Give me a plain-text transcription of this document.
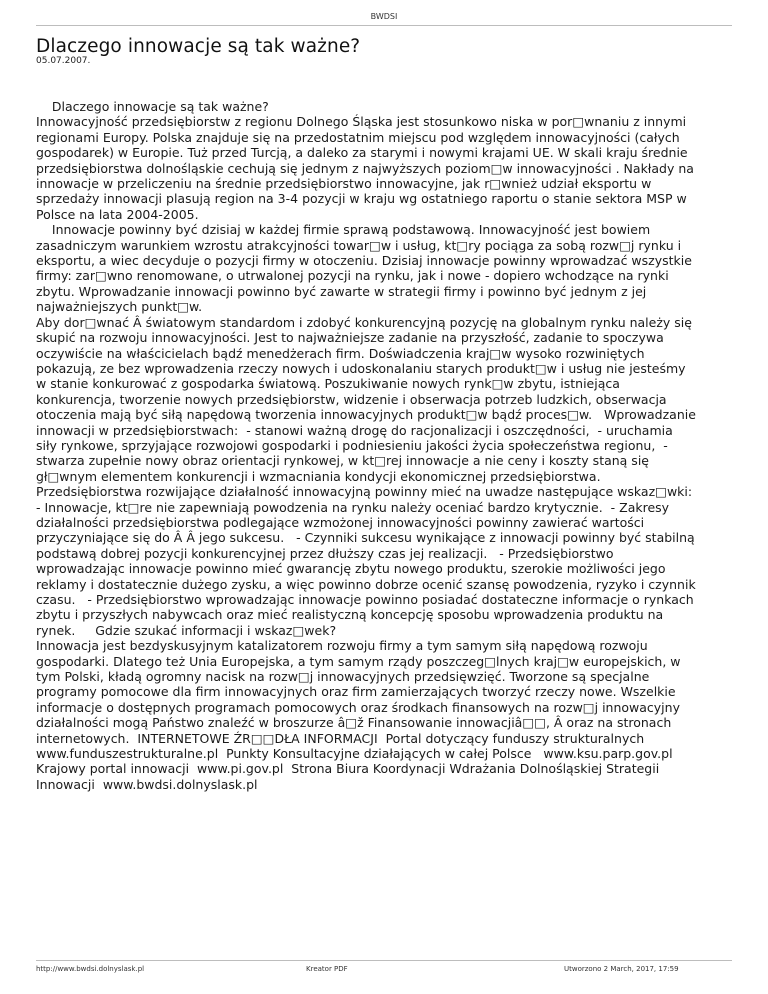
BWDSI
Dlaczego innowacje są tak ważne?
05.07.2007.
Dlaczego innowacje są tak ważne?
Innowacyjność przedsiębiorstw z regionu Dolnego Śląska jest stosunkowo niska w por□wnaniu z innymi
regionami Europy. Polska znajduje się na przedostatnim miejscu pod względem innowacyjności (całych
gospodarek) w Europie. Tuż przed Turcją, a daleko za starymi i nowymi krajami UE. W skali kraju średnie
przedsiębiorstwa dolnośląskie cechują się jednym z najwyższych poziom□w innowacyjności . Nakłady na
innowacje w przeliczeniu na średnie przedsiębiorstwo innowacyjne, jak r□wnież udział eksportu w
sprzedaży innowacji plasują region na 3-4 pozycji w kraju wg ostatniego raportu o stanie sektora MSP w
Polsce na lata 2004-2005.
Innowacje powinny być dzisiaj w każdej firmie sprawą podstawową. Innowacyjność jest bowiem
zasadniczym warunkiem wzrostu atrakcyjności towar□w i usług, kt□ry pociąga za sobą rozw□j rynku i
eksportu, a wiec decyduje o pozycji firmy w otoczeniu. Dzisiaj innowacje powinny wprowadzać wszystkie
firmy: zar□wno renomowane, o utrwalonej pozycji na rynku, jak i nowe - dopiero wchodzące na rynki
zbytu. Wprowadzanie innowacji powinno być zawarte w strategii firmy i powinno być jednym z jej
najważniejszych punkt□w.
Aby dor□wnać Â światowym standardom i zdobyć konkurencyjną pozycję na globalnym rynku należy się
skupić na rozwoju innowacyjności. Jest to najważniejsze zadanie na przyszłość, zadanie to spoczywa
oczywiście na właścicielach bądź menedżerach firm. Doświadczenia kraj□w wysoko rozwiniętych
pokazują, ze bez wprowadzenia rzeczy nowych i udoskonalaniu starych produkt□w i usług nie jesteśmy
w stanie konkurować z gospodarka światową. Poszukiwanie nowych rynk□w zbytu, istniejąca
konkurencja, tworzenie nowych przedsiębiorstw, widzenie i obserwacja potrzeb ludzkich, obserwacja
otoczenia mają być siłą napędową tworzenia innowacyjnych produkt□w bądź proces□w.   Wprowadzanie
innowacji w przedsiębiorstwach:  - stanowi ważną drogę do racjonalizacji i oszczędności,  - uruchamia
siły rynkowe, sprzyjające rozwojowi gospodarki i podniesieniu jakości życia społeczeństwa regionu,  -
stwarza zupełnie nowy obraz orientacji rynkowej, w kt□rej innowacje a nie ceny i koszty staną się
gł□wnym elementem konkurencji i wzmacniania kondycji ekonomicznej przedsiębiorstwa.
Przedsiębiorstwa rozwijające działalność innowacyjną powinny mieć na uwadze następujące wskaz□wki:
- Innowacje, kt□re nie zapewniają powodzenia na rynku należy oceniać bardzo krytycznie.  - Zakresy
działalności przedsiębiorstwa podlegające wzmożonej innowacyjności powinny zawierać wartości
przyczyniające się do Â Â jego sukcesu.   - Czynniki sukcesu wynikające z innowacji powinny być stabilną
podstawą dobrej pozycji konkurencyjnej przez dłuższy czas jej realizacji.   - Przedsiębiorstwo
wprowadzając innowacje powinno mieć gwarancję zbytu nowego produktu, szerokie możliwości jego
reklamy i dostatecznie dużego zysku, a więc powinno dobrze ocenić szansę powodzenia, ryzyko i czynnik
czasu.   - Przedsiębiorstwo wprowadzając innowacje powinno posiadać dostateczne informacje o rynkach
zbytu i przyszłych nabywcach oraz mieć realistyczną koncepcję sposobu wprowadzenia produktu na
rynek.     Gdzie szukać informacji i wskaz□wek?
Innowacja jest bezdyskusyjnym katalizatorem rozwoju firmy a tym samym siłą napędową rozwoju
gospodarki. Dlatego też Unia Europejska, a tym samym rządy poszczeg□lnych kraj□w europejskich, w
tym Polski, kładą ogromny nacisk na rozw□j innowacyjnych przedsięwzięć. Tworzone są specjalne
programy pomocowe dla firm innowacyjnych oraz firm zamierzających tworzyć rzeczy nowe. Wszelkie
informacje o dostępnych programach pomocowych oraz środkach finansowych na rozw□j innowacyjny
działalności mogą Państwo znaleźć w broszurze â□ž Finansowanie innowacjiâ□□, Â oraz na stronach
internetowych.  INTERNETOWE ŹR□□DŁA INFORMACJI  Portal dotyczący funduszy strukturalnych
www.funduszestrukturalne.pl  Punkty Konsultacyjne działających w całej Polsce   www.ksu.parp.gov.pl
Krajowy portal innowacji  www.pi.gov.pl  Strona Biura Koordynacji Wdrażania Dolnośląskiej Strategii
Innowacji  www.bwdsi.dolnyslask.pl
http://www.bwdsi.dolnyslask.pl	Kreator PDF	Utworzono 2 March, 2017, 17:59
